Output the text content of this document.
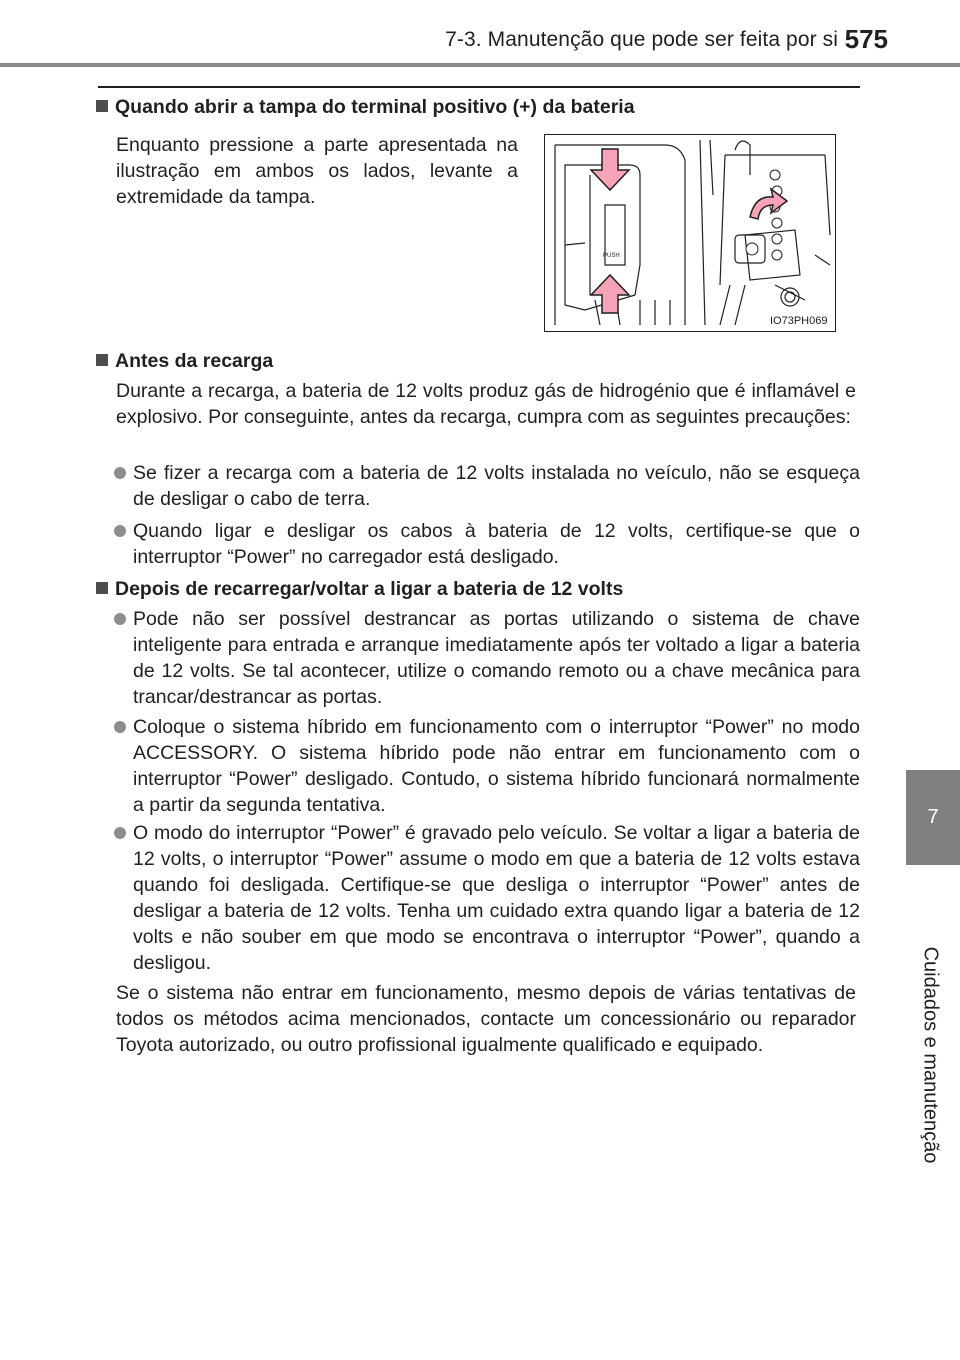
7-3. Manutenção que pode ser feita por si 575
7
Cuidados e manutenção
Quando abrir a tampa do terminal positivo (+) da bateria
Enquanto pressione a parte apresentada na ilustração em ambos os lados, levante a extremidade da tampa.
PUSH
IO73PH069
Antes da recarga
Durante a recarga, a bateria de 12 volts produz gás de hidrogénio que é inflamável e explosivo. Por conseguinte, antes da recarga, cumpra com as seguintes precauções:
Se fizer a recarga com a bateria de 12 volts instalada no veículo, não se esqueça de desligar o cabo de terra.
Quando ligar e desligar os cabos à bateria de 12 volts, certifique-se que o interruptor “Power” no carregador está desligado.
Depois de recarregar/voltar a ligar a bateria de 12 volts
Pode não ser possível destrancar as portas utilizando o sistema de chave inteligente para entrada e arranque imediatamente após ter voltado a ligar a bateria de 12 volts. Se tal acontecer, utilize o comando remoto ou a chave mecânica para trancar/destrancar as portas.
Coloque o sistema híbrido em funcionamento com o interruptor “Power” no modo ACCESSORY. O sistema híbrido pode não entrar em funcionamento com o interruptor “Power” desligado. Contudo, o sistema híbrido funcionará normalmente a partir da segunda tentativa.
O modo do interruptor “Power” é gravado pelo veículo. Se voltar a ligar a bateria de 12 volts, o interruptor “Power” assume o modo em que a bateria de 12 volts estava quando foi desligada. Certifique-se que desliga o interruptor “Power” antes de desligar a bateria de 12 volts. Tenha um cuidado extra quando ligar a bateria de 12 volts e não souber em que modo se encontrava o interruptor “Power”, quando a desligou.
Se o sistema não entrar em funcionamento, mesmo depois de várias tentativas de todos os métodos acima mencionados, contacte um concessionário ou reparador Toyota autorizado, ou outro profissional igualmente qualificado e equipado.
